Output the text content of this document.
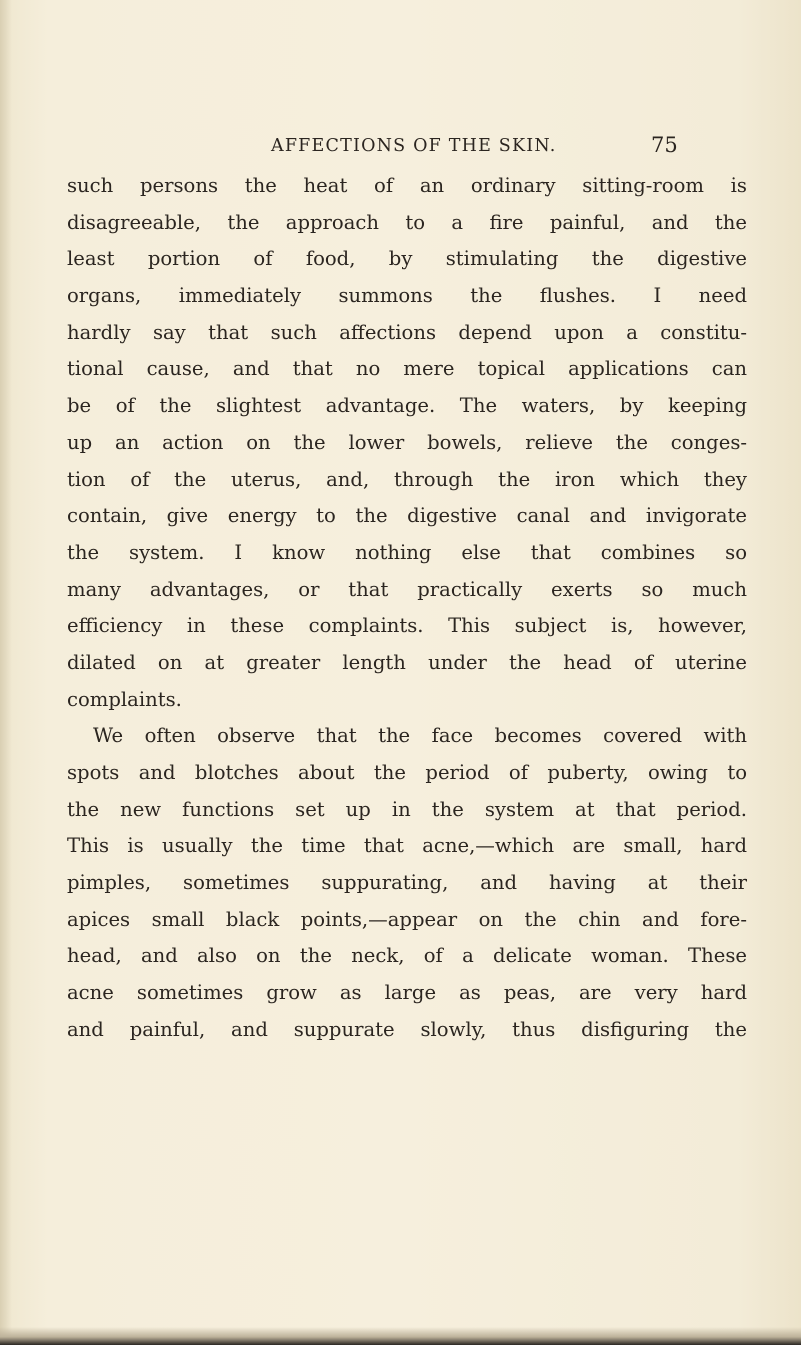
AFFECTIONS OF THE SKIN.	75
such persons the heat of an ordinary sitting-room is
disagreeable, the approach to a fire painful, and the
least portion of food, by stimulating the digestive
organs, immediately summons the flushes. I need
hardly say that such affections depend upon a constitu-
tional cause, and that no mere topical applications can
be of the slightest advantage. The waters, by keeping
up an action on the lower bowels, relieve the conges-
tion of the uterus, and, through the iron which they
contain, give energy to the digestive canal and invigorate
the system. I know nothing else that combines so
many advantages, or that practically exerts so much
efficiency in these complaints. This subject is, however,
dilated on at greater length under the head of uterine
complaints.
We often observe that the face becomes covered with
spots and blotches about the period of puberty, owing to
the new functions set up in the system at that period.
This is usually the time that acne,—which are small, hard
pimples, sometimes suppurating, and having at their
apices small black points,—appear on the chin and fore-
head, and also on the neck, of a delicate woman. These
acne sometimes grow as large as peas, are very hard
and painful, and suppurate slowly, thus disfiguring the
